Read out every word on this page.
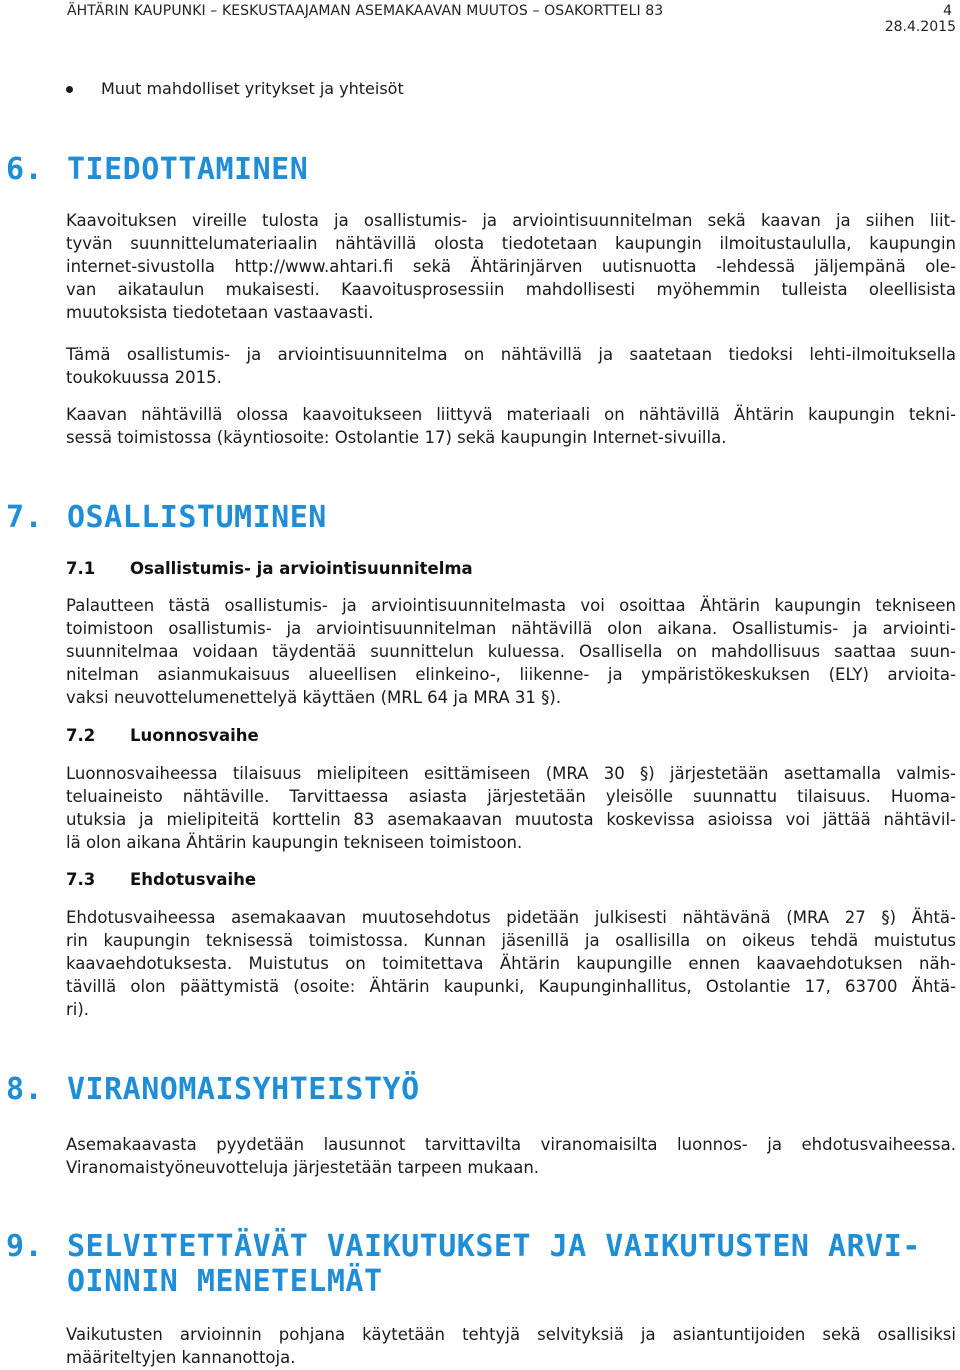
ÄHTÄRIN KAUPUNKI – KESKUSTAAJAMAN ASEMAKAAVAN MUUTOS – OSAKORTTELI 83	4
28.4.2015
Muut mahdolliset yritykset ja yhteisöt
6. TIEDOTTAMINEN
Kaavoituksen vireille tulosta ja osallistumis- ja arviointisuunnitelman sekä kaavan ja siihen liit-
tyvän suunnittelumateriaalin nähtävillä olosta tiedotetaan kaupungin ilmoitustaululla, kaupungin
internet-sivustolla http://www.ahtari.fi sekä Ähtärinjärven uutisnuotta -lehdessä jäljempänä ole-
van aikataulun mukaisesti. Kaavoitusprosessiin mahdollisesti myöhemmin tulleista oleellisista
muutoksista tiedotetaan vastaavasti.
Tämä osallistumis- ja arviointisuunnitelma on nähtävillä ja saatetaan tiedoksi lehti-ilmoituksella
toukokuussa 2015.
Kaavan nähtävillä olossa kaavoitukseen liittyvä materiaali on nähtävillä Ähtärin kaupungin tekni-
sessä toimistossa (käyntiosoite: Ostolantie 17) sekä kaupungin Internet-sivuilla.
7. OSALLISTUMINEN
7.1 Osallistumis- ja arviointisuunnitelma
Palautteen tästä osallistumis- ja arviointisuunnitelmasta voi osoittaa Ähtärin kaupungin tekniseen
toimistoon osallistumis- ja arviointisuunnitelman nähtävillä olon aikana. Osallistumis- ja arviointi-
suunnitelmaa voidaan täydentää suunnittelun kuluessa. Osallisella on mahdollisuus saattaa suun-
nitelman asianmukaisuus alueellisen elinkeino-, liikenne- ja ympäristökeskuksen (ELY) arvioita-
vaksi neuvottelumenettelyä käyttäen (MRL 64 ja MRA 31 §).
7.2 Luonnosvaihe
Luonnosvaiheessa tilaisuus mielipiteen esittämiseen (MRA 30 §) järjestetään asettamalla valmis-
teluaineisto nähtäville. Tarvittaessa asiasta järjestetään yleisölle suunnattu tilaisuus. Huoma-
utuksia ja mielipiteitä korttelin 83 asemakaavan muutosta koskevissa asioissa voi jättää nähtävil-
lä olon aikana Ähtärin kaupungin tekniseen toimistoon.
7.3 Ehdotusvaihe
Ehdotusvaiheessa asemakaavan muutosehdotus pidetään julkisesti nähtävänä (MRA 27 §) Ähtä-
rin kaupungin teknisessä toimistossa. Kunnan jäsenillä ja osallisilla on oikeus tehdä muistutus
kaavaehdotuksesta. Muistutus on toimitettava Ähtärin kaupungille ennen kaavaehdotuksen näh-
tävillä olon päättymistä (osoite: Ähtärin kaupunki, Kaupunginhallitus, Ostolantie 17, 63700 Ähtä-
ri).
8. VIRANOMAISYHTEISTYÖ
Asemakaavasta pyydetään lausunnot tarvittavilta viranomaisilta luonnos- ja ehdotusvaiheessa.
Viranomaistyöneuvotteluja järjestetään tarpeen mukaan.
9. SELVITETTÄVÄT VAIKUTUKSET JA VAIKUTUSTEN ARVI-
OINNIN MENETELMÄT
Vaikutusten arvioinnin pohjana käytetään tehtyjä selvityksiä ja asiantuntijoiden sekä osallisiksi
määriteltyjen kannanottoja.
